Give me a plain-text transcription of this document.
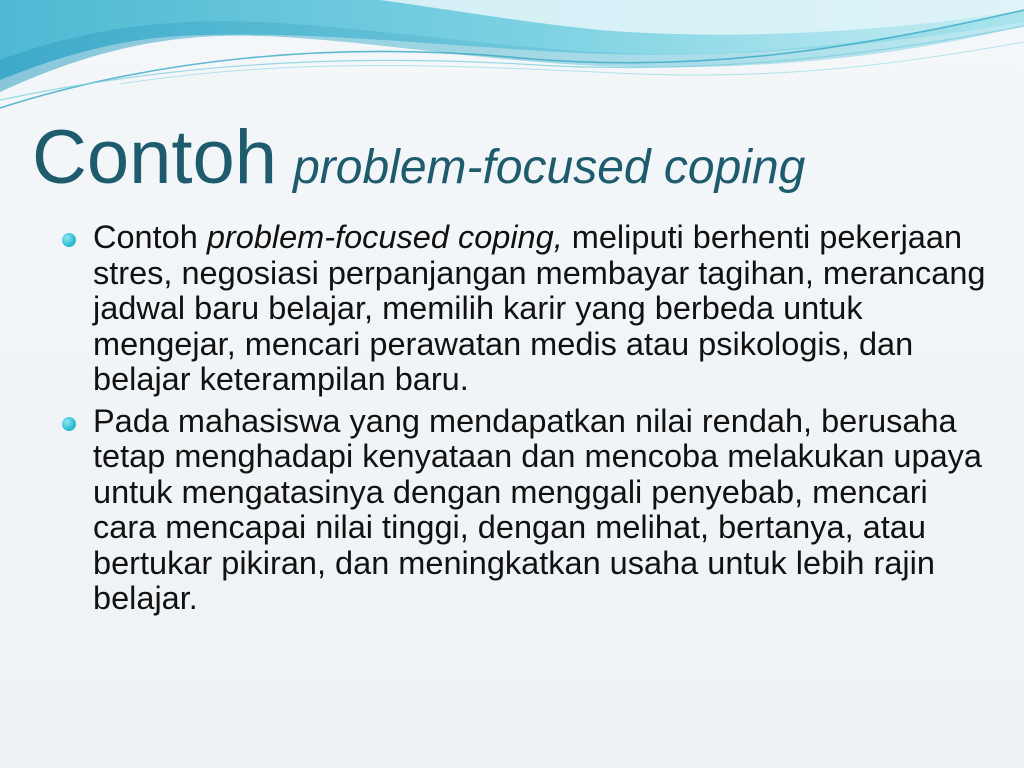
Contoh problem-focused coping
Contoh problem-focused coping, meliputi berhenti pekerjaan stres, negosiasi perpanjangan membayar tagihan, merancang jadwal baru belajar, memilih karir yang berbeda untuk mengejar, mencari perawatan medis atau psikologis, dan belajar keterampilan baru.
Pada mahasiswa yang mendapatkan nilai rendah, berusaha tetap menghadapi kenyataan dan mencoba melakukan upaya untuk mengatasinya dengan menggali penyebab, mencari cara mencapai nilai tinggi, dengan melihat, bertanya, atau bertukar pikiran, dan meningkatkan usaha untuk lebih rajin belajar.
